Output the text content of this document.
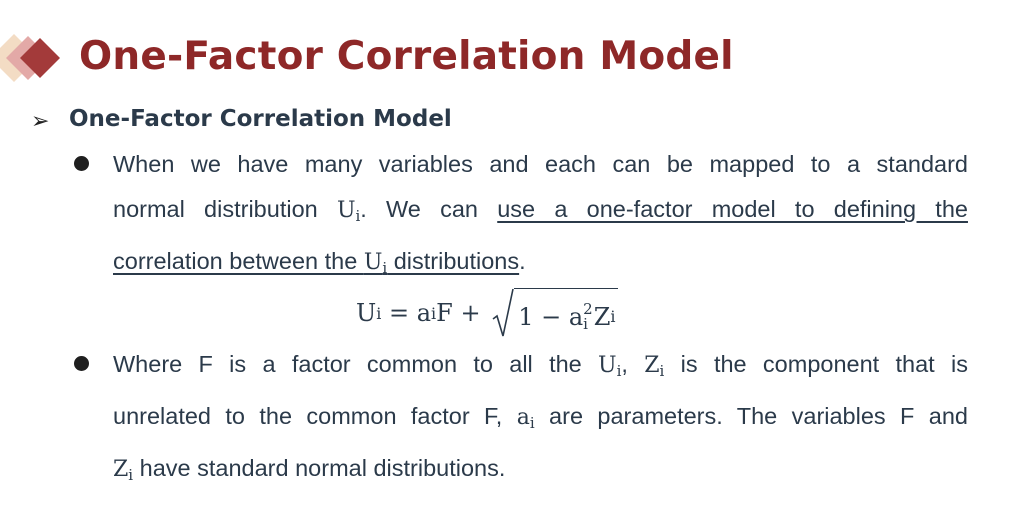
One-Factor Correlation Model
➢ One-Factor Correlation Model
When we have many variables and each can be mapped to a standard
normal distribution $U_i$. We can use a one-factor model to defining the
correlation between the $U_i$ distributions.
U i = a i F + 1 − a 2
i Z i
Where F is a factor common to all the $U_i$, $Z_i$ is the component that is
unrelated to the common factor F, $a_i$ are parameters. The variables F and
$Z_i$ have standard normal distributions.
